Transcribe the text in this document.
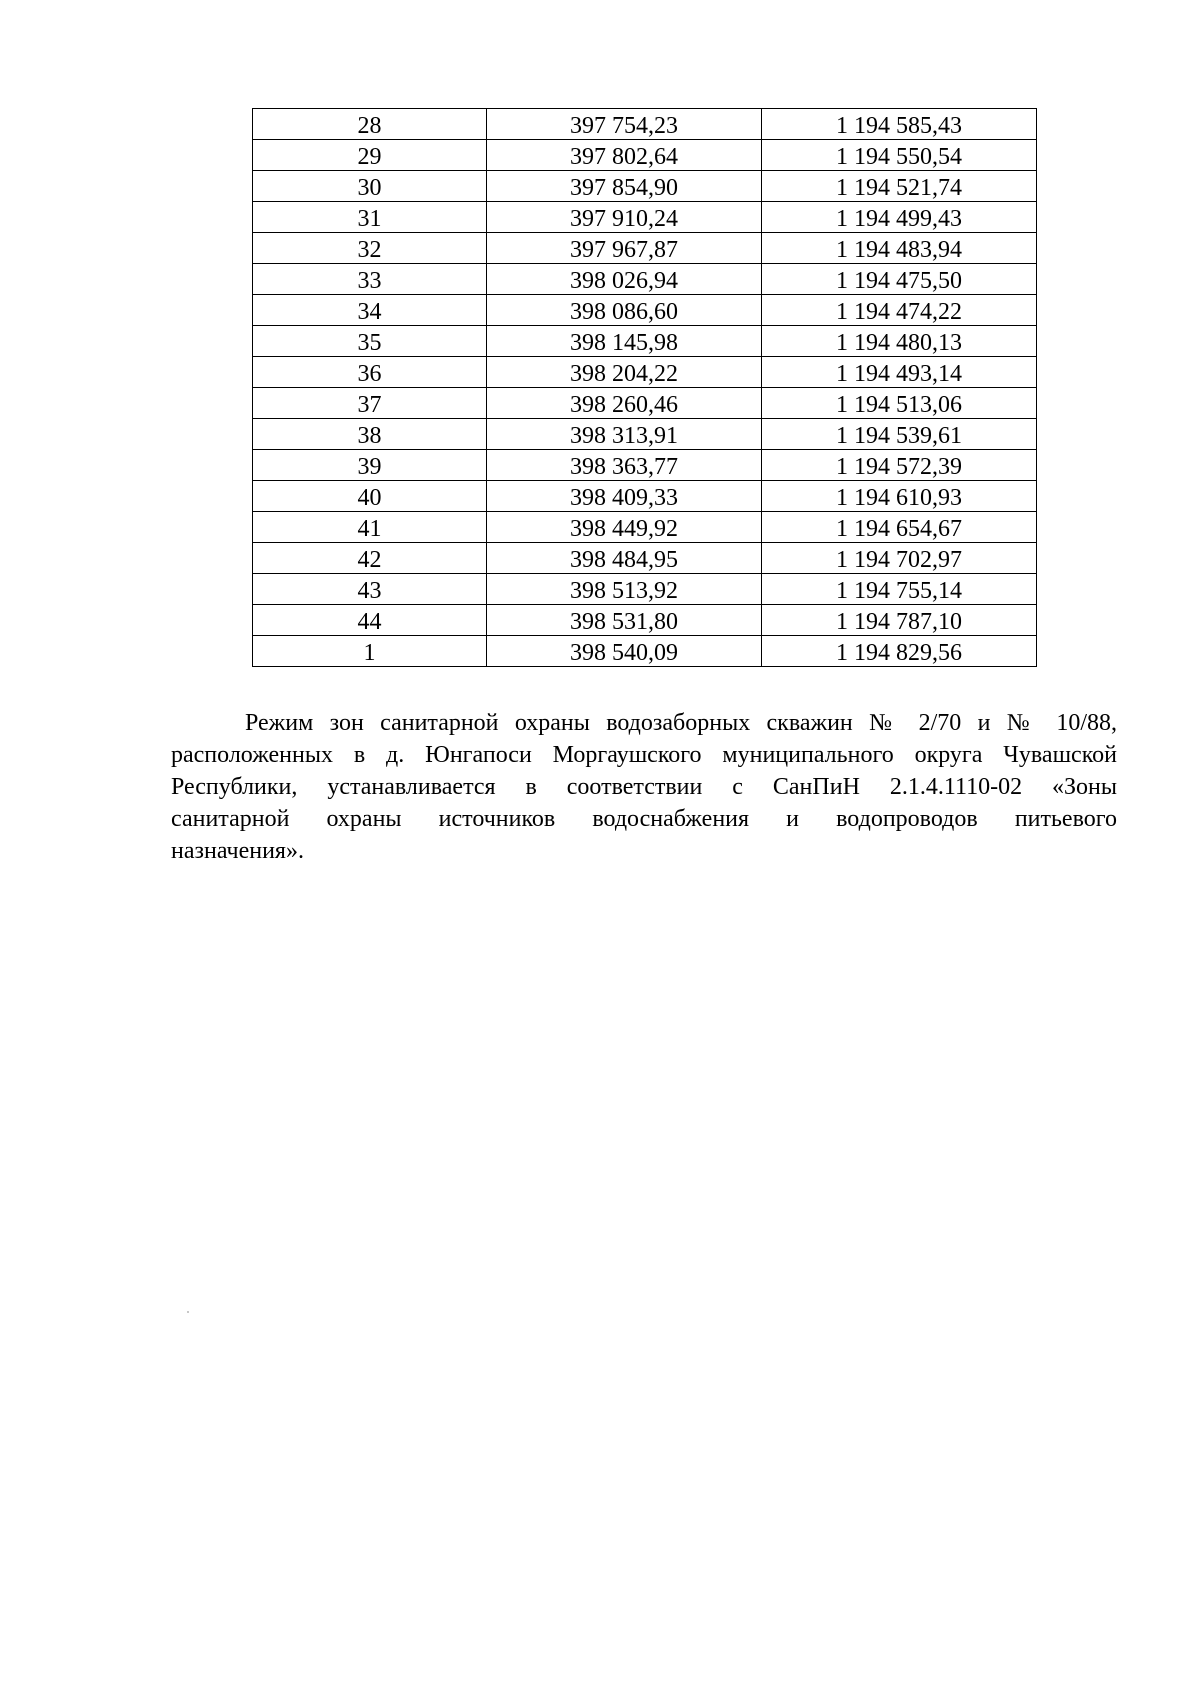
28	397 754,23	1 194 585,43
29	397 802,64	1 194 550,54
30	397 854,90	1 194 521,74
31	397 910,24	1 194 499,43
32	397 967,87	1 194 483,94
33	398 026,94	1 194 475,50
34	398 086,60	1 194 474,22
35	398 145,98	1 194 480,13
36	398 204,22	1 194 493,14
37	398 260,46	1 194 513,06
38	398 313,91	1 194 539,61
39	398 363,77	1 194 572,39
40	398 409,33	1 194 610,93
41	398 449,92	1 194 654,67
42	398 484,95	1 194 702,97
43	398 513,92	1 194 755,14
44	398 531,80	1 194 787,10
1	398 540,09	1 194 829,56

Режим зон санитарной охраны водозаборных скважин № 2/70 и № 10/88,
расположенных в д. Юнгапоси Моргаушского муниципального округа Чувашской
Республики, устанавливается в соответствии с СанПиН 2.1.4.1110-02 «Зоны
санитарной охраны источников водоснабжения и водопроводов питьевого
назначения».
